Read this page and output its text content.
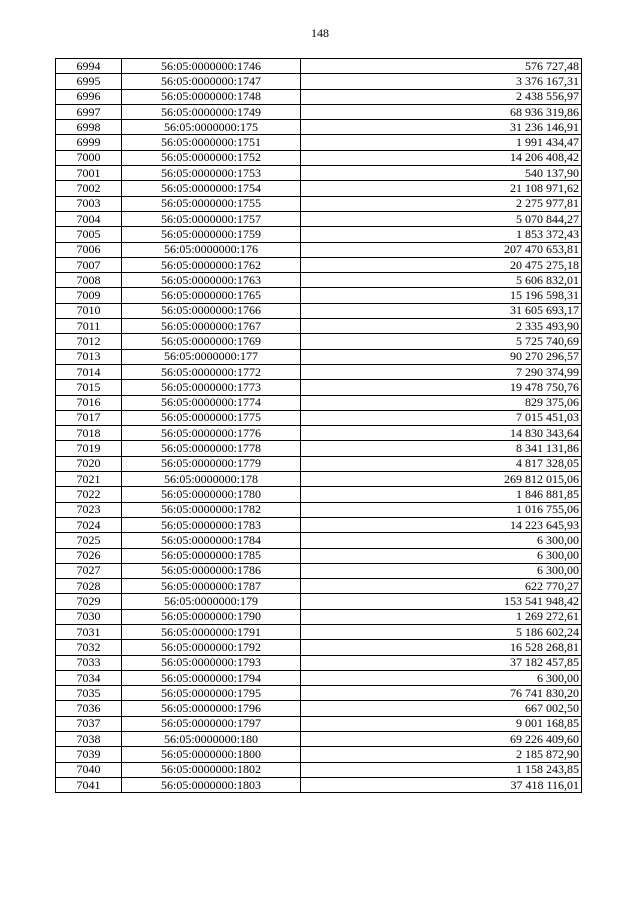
148
6994	56:05:0000000:1746	576 727,48
6995	56:05:0000000:1747	3 376 167,31
6996	56:05:0000000:1748	2 438 556,97
6997	56:05:0000000:1749	68 936 319,86
6998	56:05:0000000:175	31 236 146,91
6999	56:05:0000000:1751	1 991 434,47
7000	56:05:0000000:1752	14 206 408,42
7001	56:05:0000000:1753	540 137,90
7002	56:05:0000000:1754	21 108 971,62
7003	56:05:0000000:1755	2 275 977,81
7004	56:05:0000000:1757	5 070 844,27
7005	56:05:0000000:1759	1 853 372,43
7006	56:05:0000000:176	207 470 653,81
7007	56:05:0000000:1762	20 475 275,18
7008	56:05:0000000:1763	5 606 832,01
7009	56:05:0000000:1765	15 196 598,31
7010	56:05:0000000:1766	31 605 693,17
7011	56:05:0000000:1767	2 335 493,90
7012	56:05:0000000:1769	5 725 740,69
7013	56:05:0000000:177	90 270 296,57
7014	56:05:0000000:1772	7 290 374,99
7015	56:05:0000000:1773	19 478 750,76
7016	56:05:0000000:1774	829 375,06
7017	56:05:0000000:1775	7 015 451,03
7018	56:05:0000000:1776	14 830 343,64
7019	56:05:0000000:1778	8 341 131,86
7020	56:05:0000000:1779	4 817 328,05
7021	56:05:0000000:178	269 812 015,06
7022	56:05:0000000:1780	1 846 881,85
7023	56:05:0000000:1782	1 016 755,06
7024	56:05:0000000:1783	14 223 645,93
7025	56:05:0000000:1784	6 300,00
7026	56:05:0000000:1785	6 300,00
7027	56:05:0000000:1786	6 300,00
7028	56:05:0000000:1787	622 770,27
7029	56:05:0000000:179	153 541 948,42
7030	56:05:0000000:1790	1 269 272,61
7031	56:05:0000000:1791	5 186 602,24
7032	56:05:0000000:1792	16 528 268,81
7033	56:05:0000000:1793	37 182 457,85
7034	56:05:0000000:1794	6 300,00
7035	56:05:0000000:1795	76 741 830,20
7036	56:05:0000000:1796	667 002,50
7037	56:05:0000000:1797	9 001 168,85
7038	56:05:0000000:180	69 226 409,60
7039	56:05:0000000:1800	2 185 872,90
7040	56:05:0000000:1802	1 158 243,85
7041	56:05:0000000:1803	37 418 116,01
